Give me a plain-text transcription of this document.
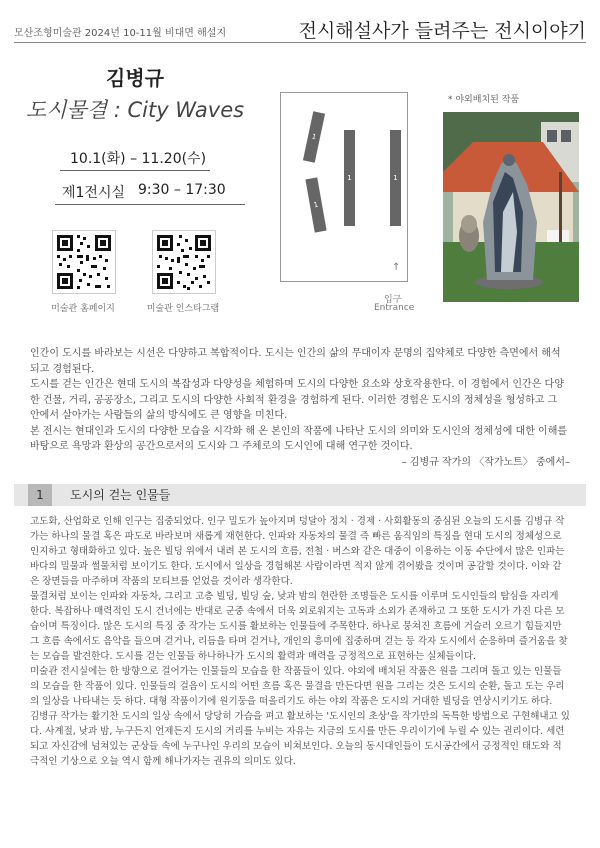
모산조형미술관 2024년 10-11월 비대면 해설지	전시해설사가 들려주는 전시이야기
김병규
도시물결 : City Waves
10.1(화) – 11.20(수)
제1전시실 9:30 – 17:30
미술관 홈페이지	미술관 인스타그램
1
1
1	1
↑
입구
Entrance
* 야외배치된 작품

인간이 도시를 바라보는 시선은 다양하고 복합적이다. 도시는 인간의 삶의 무대이자 문명의 집약체로 다양한 측면에서 해석되고 경험된다.

도시를 걷는 인간은 현대 도시의 복잡성과 다양성을 체험하며 도시의 다양한 요소와 상호작용한다. 이 경험에서 인간은 다양한 건물, 거리, 공공장소, 그리고 도시의 다양한 사회적 환경을 경험하게 된다. 이러한 경험은 도시의 정체성을 형성하고 그 안에서 살아가는 사람들의 삶의 방식에도 큰 영향을 미친다.

본 전시는 현대인과 도시의 다양한 모습을 시각화 해 온 본인의 작품에 나타난 도시의 의미와 도시인의 정체성에 대한 이해를 바탕으로 욕망과 환상의 공간으로서의 도시와 그 주체로의 도시인에 대해 연구한 것이다.

– 김병규 작가의 〈작가노트〉 중에서–

1	도시의 걷는 인물들

고도화, 산업화로 인해 인구는 집중되었다. 인구 밀도가 높아지며 덩달아 정치 · 경제 · 사회활동의 중심된 오늘의 도시를 김병규 작가는 하나의 물결 혹은 파도로 바라보며 새롭게 재현한다. 인파와 자동차의 물결 즉 빠른 움직임의 특징을 현대 도시의 정체성으로 인지하고 형태화하고 있다. 높은 빌딩 위에서 내려 본 도시의 흐름, 전철 · 버스와 같은 대중이 이용하는 이동 수단에서 많은 인파는 바다의 밀물과 썰물처럼 보이기도 한다. 도시에서 일상을 경험해본 사람이라면 적지 않게 겪어봤을 것이며 공감할 것이다. 이와 같은 장면들을 마주하며 작품의 모티브를 얻었을 것이라 생각한다.

물결처럼 보이는 인파와 자동차, 그리고 고층 빌딩, 빌딩 숲, 낮과 밤의 현란한 조명들은 도시를 이루며 도시인들의 탐심을 자리게 한다. 복잡하나 매력적인 도시 건너에는 반대로 군중 속에서 더욱 외로워지는 고독과 소외가 존재하고 그 또한 도시가 가진 다른 모습이며 특징이다. 많은 도시의 특징 중 작가는 도시를 활보하는 인물들에 주목한다. 하나로 뭉쳐진 흐름에 거슬러 오르기 힘들지만 그 흐름 속에서도 음악을 들으며 걷거나, 리듬을 타며 걷거나, 개인의 흥미에 집중하며 걷는 등 각자 도시에서 순응하며 즐거움을 찾는 모습을 발견한다. 도시를 걷는 인물들 하나하나가 도시의 활력과 매력을 긍정적으로 표현하는 실체들이다.

미술관 전시실에는 한 방향으로 걸어가는 인물들의 모습을 한 작품들이 있다. 야외에 배치된 작품은 원을 그리며 돌고 있는 인물들의 모습을 한 작품이 있다. 인물들의 걸음이 도시의 어떤 흐름 혹은 물결을 만든다면 원을 그리는 것은 도시의 순환, 돌고 도는 우리의 일상을 나타내는 듯 하다. 대형 작품이기에 원기둥을 떠올리기도 하는 야외 작품은 도시의 거대한 빌딩을 연상시키기도 하다.

김병규 작가는 활기찬 도시의 일상 속에서 당당히 가슴을 펴고 활보하는 '도시인의 초상'을 작가만의 독특한 방법으로 구현해내고 있다. 사계절, 낮과 밤, 누구든지 언제든지 도시의 거리를 누비는 자유는 지금의 도시를 만든 우리이기에 누릴 수 있는 권리이다. 세련되고 자신감에 넘쳐있는 군상들 속에 누구나인 우리의 모습이 비쳐보인다. 오늘의 동시대인들이 도시공간에서 긍정적인 태도와 적극적인 기상으로 오늘 역시 함께 해나가자는 권유의 의미도 있다.
